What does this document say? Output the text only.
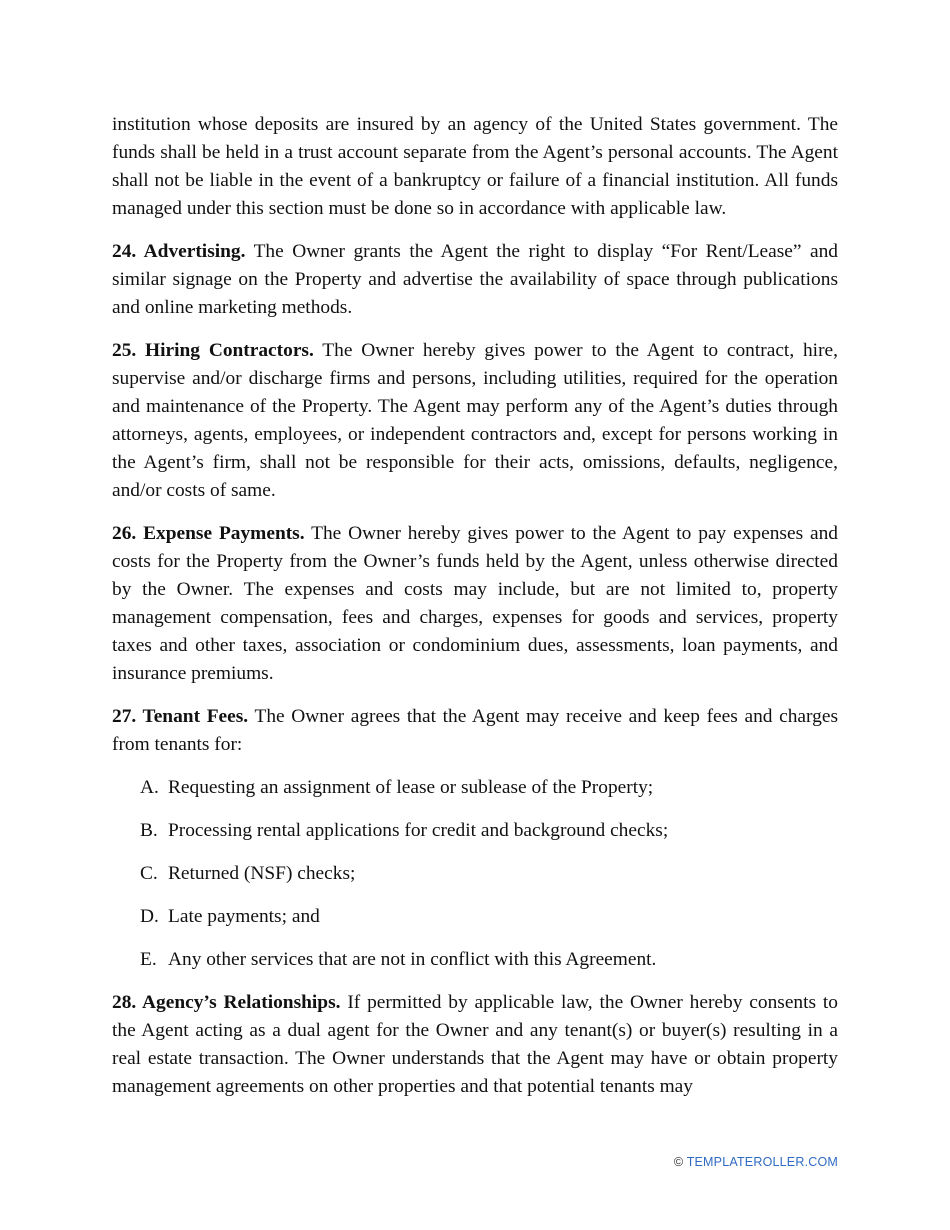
institution whose deposits are insured by an agency of the United States government. The funds shall be held in a trust account separate from the Agent’s personal accounts. The Agent shall not be liable in the event of a bankruptcy or failure of a financial institution. All funds managed under this section must be done so in accordance with applicable law.

24. Advertising. The Owner grants the Agent the right to display “For Rent/Lease” and similar signage on the Property and advertise the availability of space through publications and online marketing methods.

25. Hiring Contractors. The Owner hereby gives power to the Agent to contract, hire, supervise and/or discharge firms and persons, including utilities, required for the operation and maintenance of the Property. The Agent may perform any of the Agent’s duties through attorneys, agents, employees, or independent contractors and, except for persons working in the Agent’s firm, shall not be responsible for their acts, omissions, defaults, negligence, and/or costs of same.

26. Expense Payments. The Owner hereby gives power to the Agent to pay expenses and costs for the Property from the Owner’s funds held by the Agent, unless otherwise directed by the Owner. The expenses and costs may include, but are not limited to, property management compensation, fees and charges, expenses for goods and services, property taxes and other taxes, association or condominium dues, assessments, loan payments, and insurance premiums.

27. Tenant Fees. The Owner agrees that the Agent may receive and keep fees and charges from tenants for:

A. Requesting an assignment of lease or sublease of the Property;
B. Processing rental applications for credit and background checks;
C. Returned (NSF) checks;
D. Late payments; and
E. Any other services that are not in conflict with this Agreement.

28. Agency’s Relationships. If permitted by applicable law, the Owner hereby consents to the Agent acting as a dual agent for the Owner and any tenant(s) or buyer(s) resulting in a real estate transaction. The Owner understands that the Agent may have or obtain property management agreements on other properties and that potential tenants may

© TEMPLATEROLLER.COM
